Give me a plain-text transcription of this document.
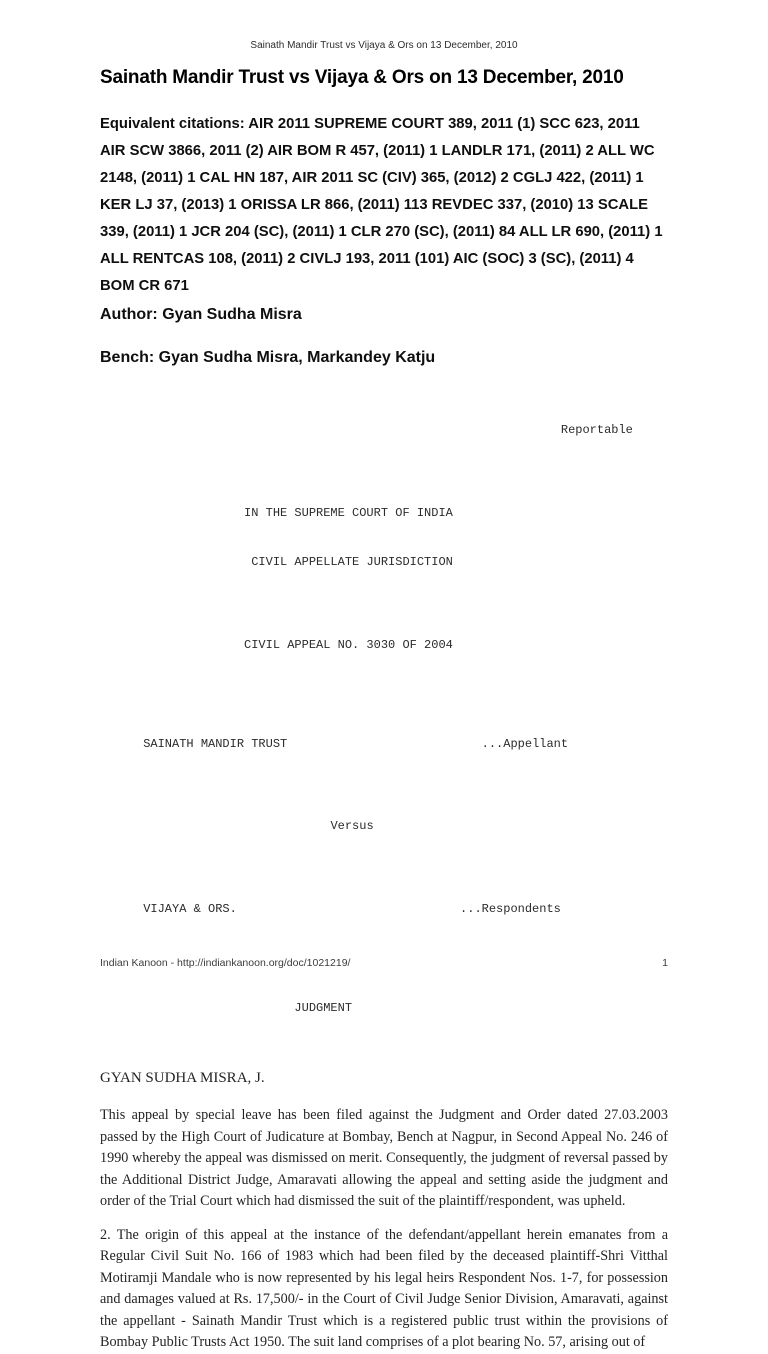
Sainath Mandir Trust vs Vijaya & Ors on 13 December, 2010
Sainath Mandir Trust vs Vijaya & Ors on 13 December, 2010
Equivalent citations: AIR 2011 SUPREME COURT 389, 2011 (1) SCC 623, 2011 AIR SCW 3866, 2011 (2) AIR BOM R 457, (2011) 1 LANDLR 171, (2011) 2 ALL WC 2148, (2011) 1 CAL HN 187, AIR 2011 SC (CIV) 365, (2012) 2 CGLJ 422, (2011) 1 KER LJ 37, (2013) 1 ORISSA LR 866, (2011) 113 REVDEC 337, (2010) 13 SCALE 339, (2011) 1 JCR 204 (SC), (2011) 1 CLR 270 (SC), (2011) 84 ALL LR 690, (2011) 1 ALL RENTCAS 108, (2011) 2 CIVLJ 193, 2011 (101) AIC (SOC) 3 (SC), (2011) 4 BOM CR 671
Author: Gyan Sudha Misra
Bench: Gyan Sudha Misra, Markandey Katju

Reportable

IN THE SUPREME COURT OF INDIA

CIVIL APPELLATE JURISDICTION

CIVIL APPEAL NO. 3030 OF 2004

SAINATH MANDIR TRUST

	...Appellant

Versus

VIJAYA & ORS.

	...Respondents

JUDGMENT

GYAN SUDHA MISRA, J.

This appeal by special leave has been filed against the Judgment and Order dated 27.03.2003 passed by the High Court of Judicature at Bombay, Bench at Nagpur, in Second Appeal No. 246 of 1990 whereby the appeal was dismissed on merit. Consequently, the judgment of reversal passed by the Additional District Judge, Amaravati allowing the appeal and setting aside the judgment and order of the Trial Court which had dismissed the suit of the plaintiff/respondent, was upheld.

2. The origin of this appeal at the instance of the defendant/appellant herein emanates from a Regular Civil Suit No. 166 of 1983 which had been filed by the deceased plaintiff-Shri Vitthal Motiramji Mandale who is now represented by his legal heirs Respondent Nos. 1-7, for possession and damages valued at Rs. 17,500/- in the Court of Civil Judge Senior Division, Amaravati, against the appellant - Sainath Mandir Trust which is a registered public trust within the provisions of Bombay Public Trusts Act 1950. The suit land comprises of a plot bearing No. 57, arising out of

Indian Kanoon - http://indiankanoon.org/doc/1021219/	1
